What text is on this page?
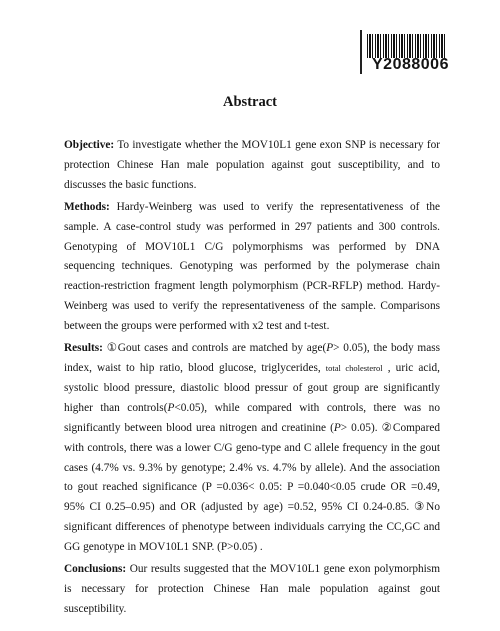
Y2088006
Abstract

Objective: To investigate whether the MOV10L1 gene exon SNP is necessary for protection Chinese Han male population against gout susceptibility, and to discusses the basic functions.

Methods: Hardy-Weinberg was used to verify the representativeness of the sample. A case-control study was performed in 297 patients and 300 controls. Genotyping of MOV10L1 C/G polymorphisms was performed by DNA sequencing techniques. Genotyping was performed by the polymerase chain reaction-restriction fragment length polymorphism (PCR-RFLP) method. Hardy-Weinberg was used to verify the representativeness of the sample. Comparisons between the groups were performed with x2 test and t-test.

Results: ①Gout cases and controls are matched by age(P> 0.05), the body mass index, waist to hip ratio, blood glucose, triglycerides, total cholesterol , uric acid, systolic blood pressure, diastolic blood pressur of gout group are significantly higher than controls(P<0.05), while compared with controls, there was no significantly between blood urea nitrogen and creatinine (P> 0.05). ②Compared with controls, there was a lower C/G geno-type and C allele frequency in the gout cases (4.7% vs. 9.3% by genotype; 2.4% vs. 4.7% by allele). And the association to gout reached significance (P =0.036< 0.05: P =0.040<0.05 crude OR =0.49, 95% CI 0.25–0.95) and OR (adjusted by age) =0.52, 95% CI 0.24-0.85. ③No significant differences of phenotype between individuals carrying the CC,GC and GG genotype in MOV10L1 SNP. (P>0.05) .

Conclusions: Our results suggested that the MOV10L1 gene exon polymorphism is necessary for protection Chinese Han male population against gout susceptibility.
